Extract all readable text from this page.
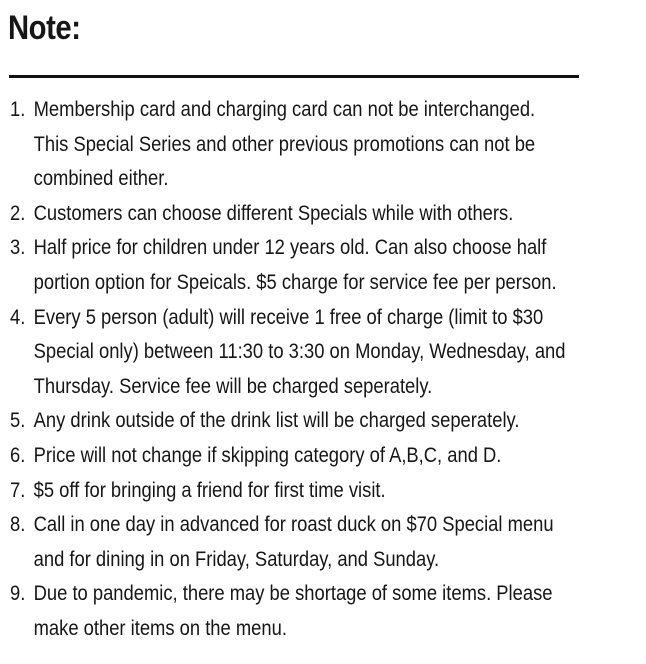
Note:
1. Membership card and charging card can not be interchanged.
This Special Series and other previous promotions can not be
combined either.
2. Customers can choose different Specials while with others.
3. Half price for children under 12 years old. Can also choose half
portion option for Speicals. $5 charge for service fee per person.
4. Every 5 person (adult) will receive 1 free of charge (limit to $30
Special only) between 11:30 to 3:30 on Monday, Wednesday, and
Thursday. Service fee will be charged seperately.
5. Any drink outside of the drink list will be charged seperately.
6. Price will not change if skipping category of A,B,C, and D.
7. $5 off for bringing a friend for first time visit.
8. Call in one day in advanced for roast duck on $70 Special menu
and for dining in on Friday, Saturday, and Sunday.
9. Due to pandemic, there may be shortage of some items. Please
make other items on the menu.
